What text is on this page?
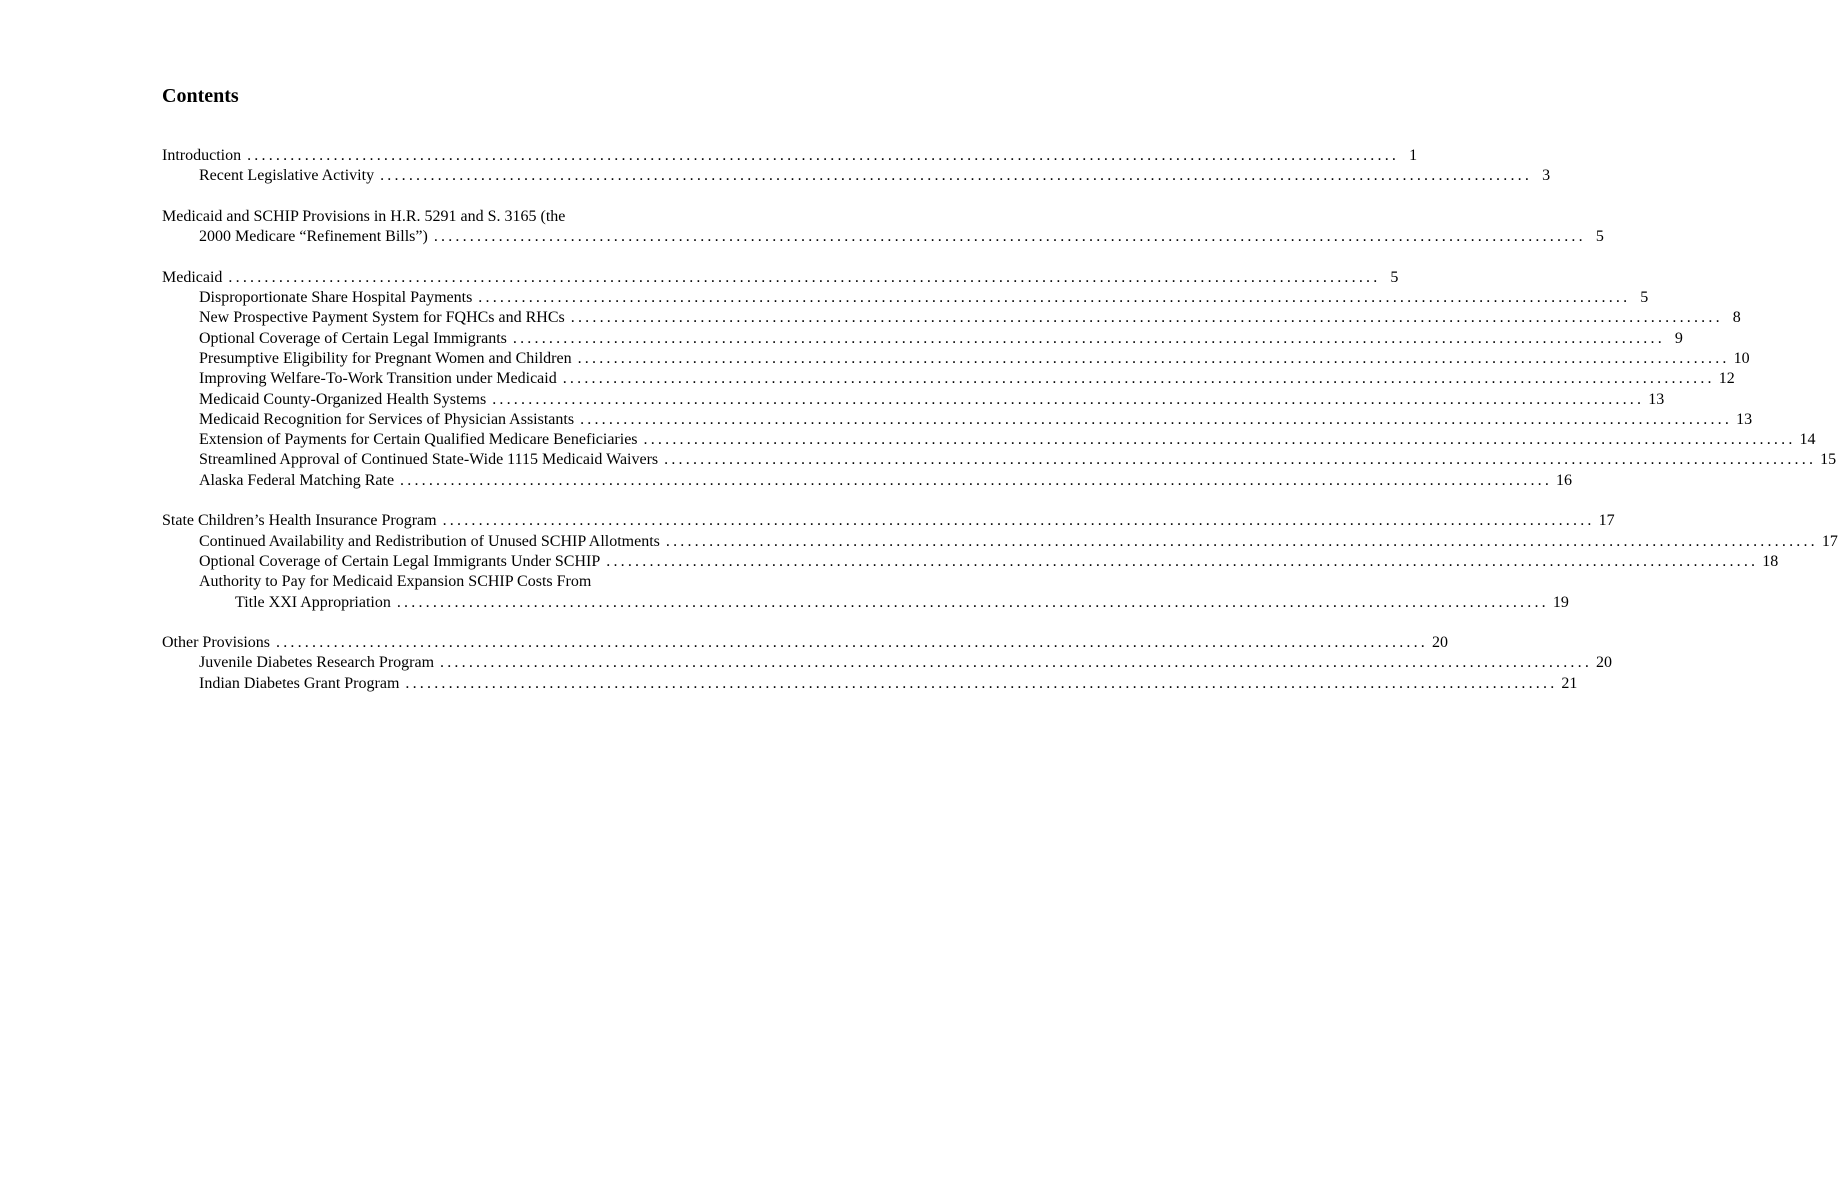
Contents
Introduction ................................................................................................................................................................ 1
Recent Legislative Activity ................................................................................................................................................................ 3
Medicaid and SCHIP Provisions in H.R. 5291 and S. 3165 (the
2000 Medicare “Refinement Bills”) ................................................................................................................................................................ 5
Medicaid ................................................................................................................................................................ 5
Disproportionate Share Hospital Payments ................................................................................................................................................................ 5
New Prospective Payment System for FQHCs and RHCs ................................................................................................................................................................ 8
Optional Coverage of Certain Legal Immigrants ................................................................................................................................................................ 9
Presumptive Eligibility for Pregnant Women and Children ................................................................................................................................................................ 10
Improving Welfare-To-Work Transition under Medicaid ................................................................................................................................................................ 12
Medicaid County-Organized Health Systems ................................................................................................................................................................ 13
Medicaid Recognition for Services of Physician Assistants ................................................................................................................................................................ 13
Extension of Payments for Certain Qualified Medicare Beneficiaries ................................................................................................................................................................ 14
Streamlined Approval of Continued State-Wide 1115 Medicaid Waivers ................................................................................................................................................................ 15
Alaska Federal Matching Rate ................................................................................................................................................................ 16
State Children’s Health Insurance Program ................................................................................................................................................................ 17
Continued Availability and Redistribution of Unused SCHIP Allotments ................................................................................................................................................................ 17
Optional Coverage of Certain Legal Immigrants Under SCHIP ................................................................................................................................................................ 18
Authority to Pay for Medicaid Expansion SCHIP Costs From
Title XXI Appropriation ................................................................................................................................................................ 19
Other Provisions ................................................................................................................................................................ 20
Juvenile Diabetes Research Program ................................................................................................................................................................ 20
Indian Diabetes Grant Program ................................................................................................................................................................ 21
